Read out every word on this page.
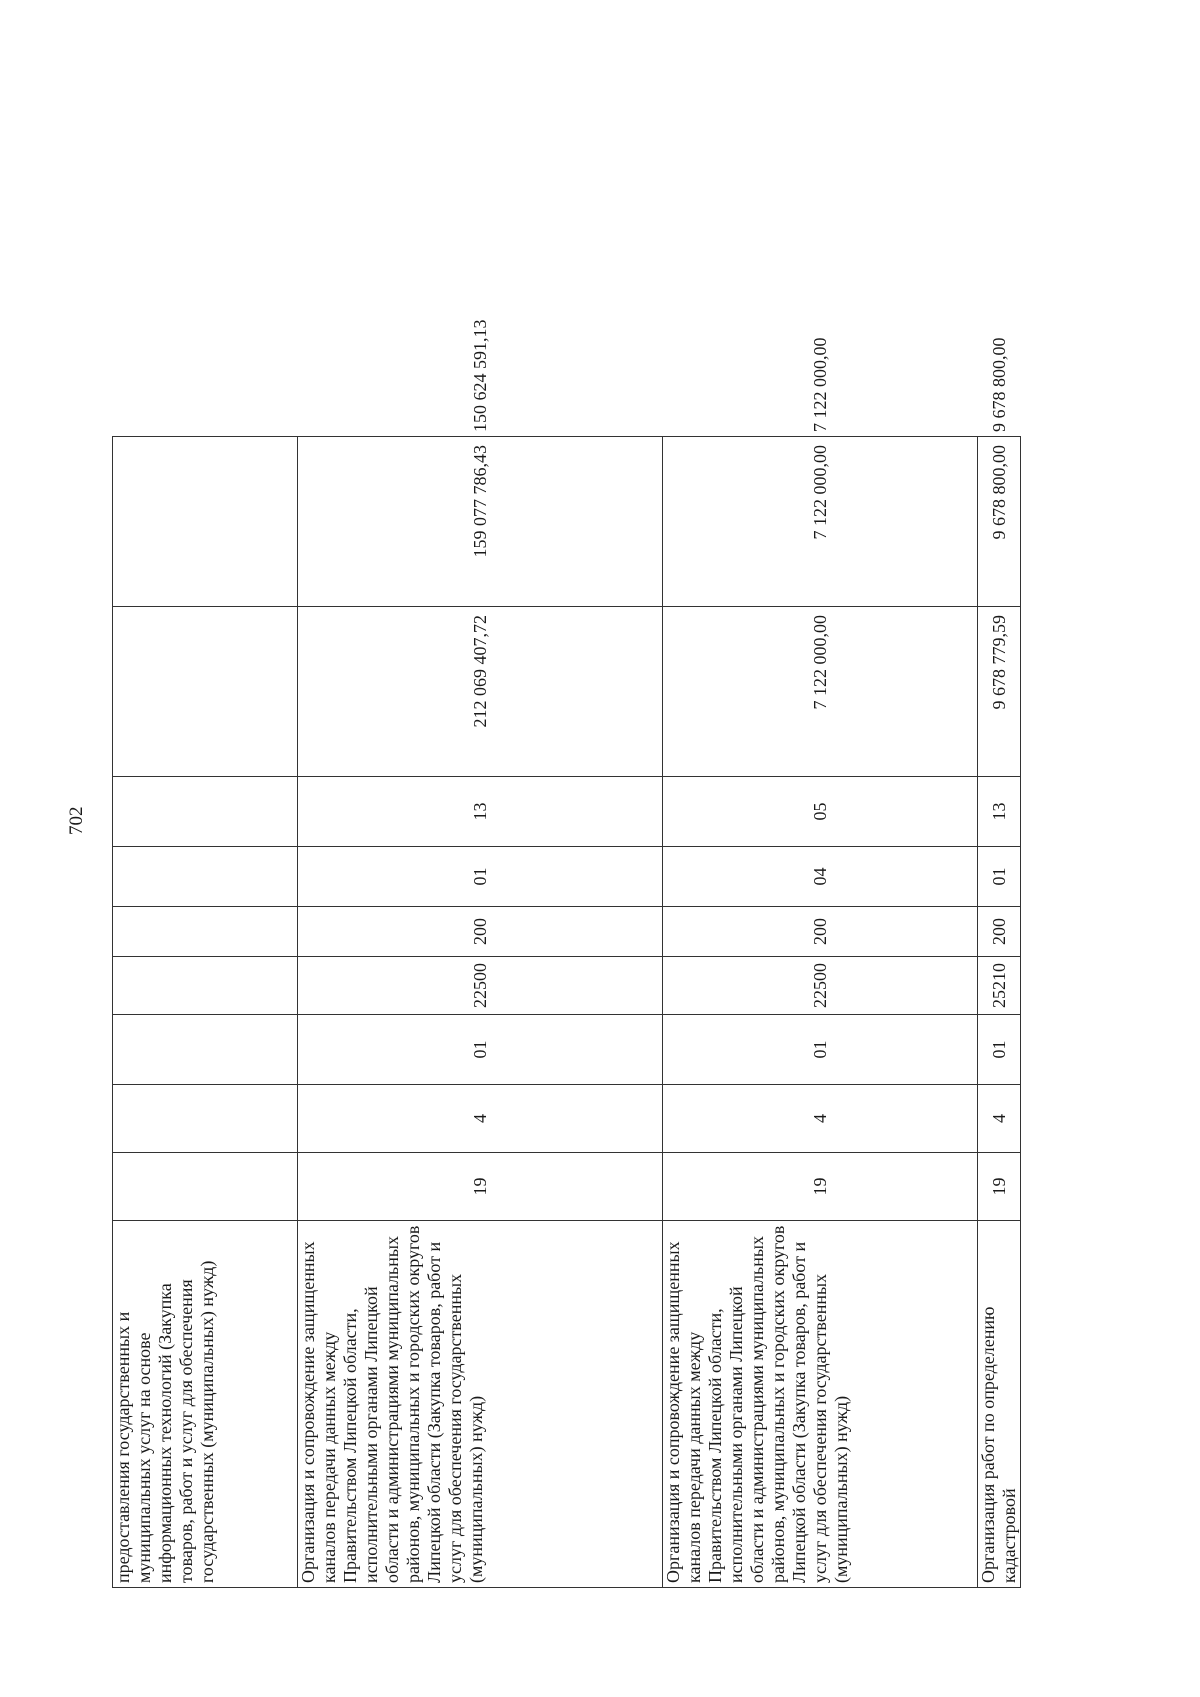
702
предоставления государственных и муниципальных услуг на основе информационных технологий (Закупка товаров, работ и услуг для обеспечения государственных (муниципальных) нужд)										
Организация и сопровождение защищенных каналов передачи данных между Правительством Липецкой области, исполнительными органами Липецкой области и администрациями муниципальных районов, муниципальных и городских округов Липецкой области (Закупка товаров, работ и услуг для обеспечения государственных (муниципальных) нужд)	19	4	01	22500	200	01	13	212 069 407,72	159 077 786,43	150 624 591,13
Организация и сопровождение защищенных каналов передачи данных между Правительством Липецкой области, исполнительными органами Липецкой области и администрациями муниципальных районов, муниципальных и городских округов Липецкой области (Закупка товаров, работ и услуг для обеспечения государственных (муниципальных) нужд)	19	4	01	22500	200	04	05	7 122 000,00	7 122 000,00	7 122 000,00
Организация работ по определению кадастровой	19	4	01	25210	200	01	13	9 678 779,59	9 678 800,00	9 678 800,00
